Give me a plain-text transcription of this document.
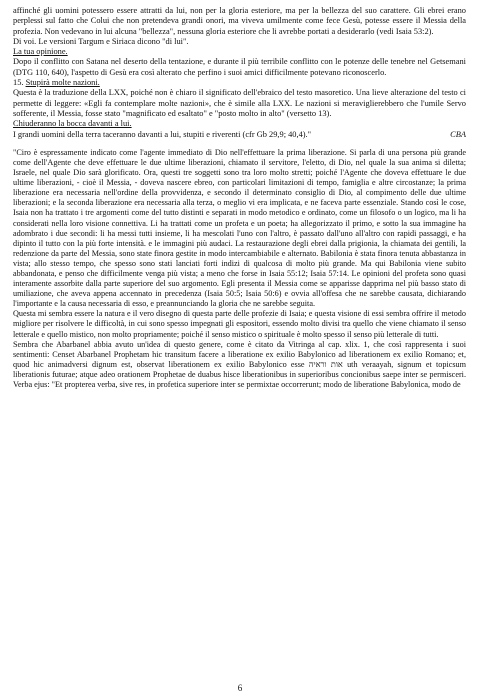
affinché gli uomini potessero essere attratti da lui, non per la gloria esteriore, ma per la bellezza del suo carattere. Gli ebrei erano perplessi sul fatto che Colui che non pretendeva grandi onori, ma viveva umilmente come fece Gesù, potesse essere il Messia della profezia. Non vedevano in lui alcuna "bellezza", nessuna gloria esteriore che li avrebbe portati a desiderarlo (vedi Isaia 53:2).

Di voi. Le versioni Targum e Siriaca dicono "di lui".

La tua opinione.

Dopo il conflitto con Satana nel deserto della tentazione, e durante il più terribile conflitto con le potenze delle tenebre nel Getsemani (DTG 110, 640), l'aspetto di Gesù era così alterato che perfino i suoi amici difficilmente potevano riconoscerlo.

15. Stupirà molte nazioni.

Questa è la traduzione della LXX, poiché non è chiaro il significato dell'ebraico del testo masoretico. Una lieve alterazione del testo ci permette di leggere: «Egli fa contemplare molte nazioni», che è simile alla LXX. Le nazioni si meraviglierebbero che l'umile Servo sofferente, il Messia, fosse stato "magnificato ed esaltato" e "posto molto in alto" (versetto 13).

Chiuderanno la bocca davanti a lui.

CBA
I grandi uomini della terra taceranno davanti a lui, stupiti e riverenti (cfr Gb 29,9; 40,4)."

"Ciro è espressamente indicato come l'agente immediato di Dio nell'effettuare la prima liberazione. Si parla di una persona più grande come dell'Agente che deve effettuare le due ultime liberazioni, chiamato il servitore, l'eletto, di Dio, nel quale la sua anima si diletta; Israele, nel quale Dio sarà glorificato. Ora, questi tre soggetti sono tra loro molto stretti; poiché l'Agente che doveva effettuare le due ultime liberazioni, - cioè il Messia, - doveva nascere ebreo, con particolari limitazioni di tempo, famiglia e altre circostanze; la prima liberazione era necessaria nell'ordine della provvidenza, e secondo il determinato consiglio di Dio, al compimento delle due ultime liberazioni; e la seconda liberazione era necessaria alla terza, o meglio vi era implicata, e ne faceva parte essenziale. Stando così le cose, Isaia non ha trattato i tre argomenti come del tutto distinti e separati in modo metodico e ordinato, come un filosofo o un logico, ma li ha considerati nella loro visione connettiva. Li ha trattati come un profeta e un poeta; ha allegorizzato il primo, e sotto la sua immagine ha adombrato i due secondi: li ha messi tutti insieme, li ha mescolati l'uno con l'altro, è passato dall'uno all'altro con rapidi passaggi, e ha dipinto il tutto con la più forte intensità. e le immagini più audaci. La restaurazione degli ebrei dalla prigionia, la chiamata dei gentili, la redenzione da parte del Messia, sono state finora gestite in modo intercambiabile e alternato. Babilonia è stata finora tenuta abbastanza in vista; allo stesso tempo, che spesso sono stati lanciati forti indizi di qualcosa di molto più grande. Ma qui Babilonia viene subito abbandonata, e penso che difficilmente venga più vista; a meno che forse in Isaia 55:12; Isaia 57:14. Le opinioni del profeta sono quasi interamente assorbite dalla parte superiore del suo argomento. Egli presenta il Messia come se apparisse dapprima nel più basso stato di umiliazione, che aveva appena accennato in precedenza (Isaia 50:5; Isaia 50:6) e ovvia all'offesa che ne sarebbe causata, dichiarando l'importante e la causa necessaria di esso, e preannunciando la gloria che ne sarebbe seguita.

Questa mi sembra essere la natura e il vero disegno di questa parte delle profezie di Isaia; e questa visione di essi sembra offrire il metodo migliore per risolvere le difficoltà, in cui sono spesso impegnati gli espositori, essendo molto divisi tra quello che viene chiamato il senso letterale e quello mistico, non molto propriamente; poiché il senso mistico o spirituale è molto spesso il senso più letterale di tutti.

Sembra che Abarbanel abbia avuto un'idea di questo genere, come è citato da Vitringa al cap. xlix. 1, che così rappresenta i suoi sentimenti: Censet Abarbanel Prophetam hic transitum facere a liberatione ex exilio Babylonico ad liberationem ex exilio Romano; et, quod hic animadversi dignum est, observat liberationem ex exilio Babylonico esse אות וראיה uth veraayah, signum et topicsum liberationis futurae; atque adeo orationem Prophetae de duabus hisce liberationibus in superioribus concionibus saepe inter se permisceri. Verba ejus: "Et propterea verba, sive res, in profetica superiore inter se permixtae occorrerunt; modo de liberatione Babylonica, modo de

6
